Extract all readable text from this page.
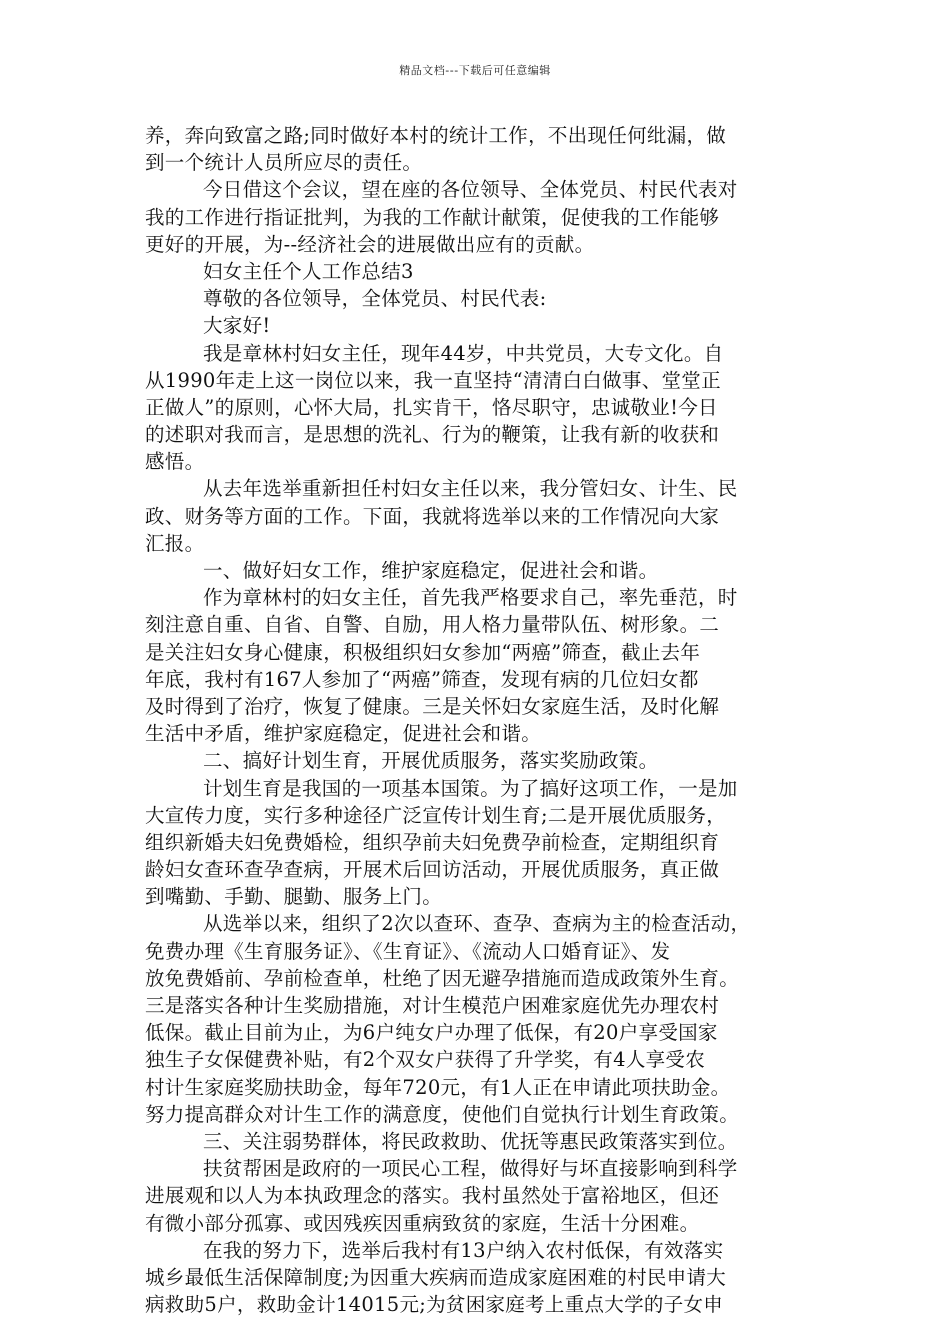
精品文档---下载后可任意编辑
养，奔向致富之路;同时做好本村的统计工作，不出现任何纰漏，做
到一个统计人员所应尽的责任。
今日借这个会议，望在座的各位领导、全体党员、村民代表对
我的工作进行指证批判，为我的工作献计献策，促使我的工作能够
更好的开展，为--经济社会的进展做出应有的贡献。
妇女主任个人工作总结3
尊敬的各位领导，全体党员、村民代表:
大家好!
我是章林村妇女主任，现年44岁，中共党员，大专文化。自
从1990年走上这一岗位以来，我一直坚持“清清白白做事、堂堂正
正做人”的原则，心怀大局，扎实肯干，恪尽职守，忠诚敬业!今日
的述职对我而言，是思想的洗礼、行为的鞭策，让我有新的收获和
感悟。
从去年选举重新担任村妇女主任以来，我分管妇女、计生、民
政、财务等方面的工作。下面，我就将选举以来的工作情况向大家
汇报。
一、做好妇女工作，维护家庭稳定，促进社会和谐。
作为章林村的妇女主任，首先我严格要求自己，率先垂范，时
刻注意自重、自省、自警、自励，用人格力量带队伍、树形象。二
是关注妇女身心健康，积极组织妇女参加“两癌”筛查，截止去年
年底，我村有167人参加了“两癌”筛查，发现有病的几位妇女都
及时得到了治疗，恢复了健康。三是关怀妇女家庭生活，及时化解
生活中矛盾，维护家庭稳定，促进社会和谐。
二、搞好计划生育，开展优质服务，落实奖励政策。
计划生育是我国的一项基本国策。为了搞好这项工作，一是加
大宣传力度，实行多种途径广泛宣传计划生育;二是开展优质服务，
组织新婚夫妇免费婚检，组织孕前夫妇免费孕前检查，定期组织育
龄妇女查环查孕查病，开展术后回访活动，开展优质服务，真正做
到嘴勤、手勤、腿勤、服务上门。
从选举以来，组织了2次以查环、查孕、查病为主的检查活动，
免费办理《生育服务证》、《生育证》、《流动人口婚育证》、发
放免费婚前、孕前检查单，杜绝了因无避孕措施而造成政策外生育。
三是落实各种计生奖励措施，对计生模范户困难家庭优先办理农村
低保。截止目前为止，为6户纯女户办理了低保，有20户享受国家
独生子女保健费补贴，有2个双女户获得了升学奖，有4人享受农
村计生家庭奖励扶助金，每年720元，有1人正在申请此项扶助金。
努力提高群众对计生工作的满意度，使他们自觉执行计划生育政策。
三、关注弱势群体，将民政救助、优抚等惠民政策落实到位。
扶贫帮困是政府的一项民心工程，做得好与坏直接影响到科学
进展观和以人为本执政理念的落实。我村虽然处于富裕地区，但还
有微小部分孤寡、或因残疾因重病致贫的家庭，生活十分困难。
在我的努力下，选举后我村有13户纳入农村低保，有效落实
城乡最低生活保障制度;为因重大疾病而造成家庭困难的村民申请大
病救助5户，救助金计14015元;为贫困家庭考上重点大学的子女申
